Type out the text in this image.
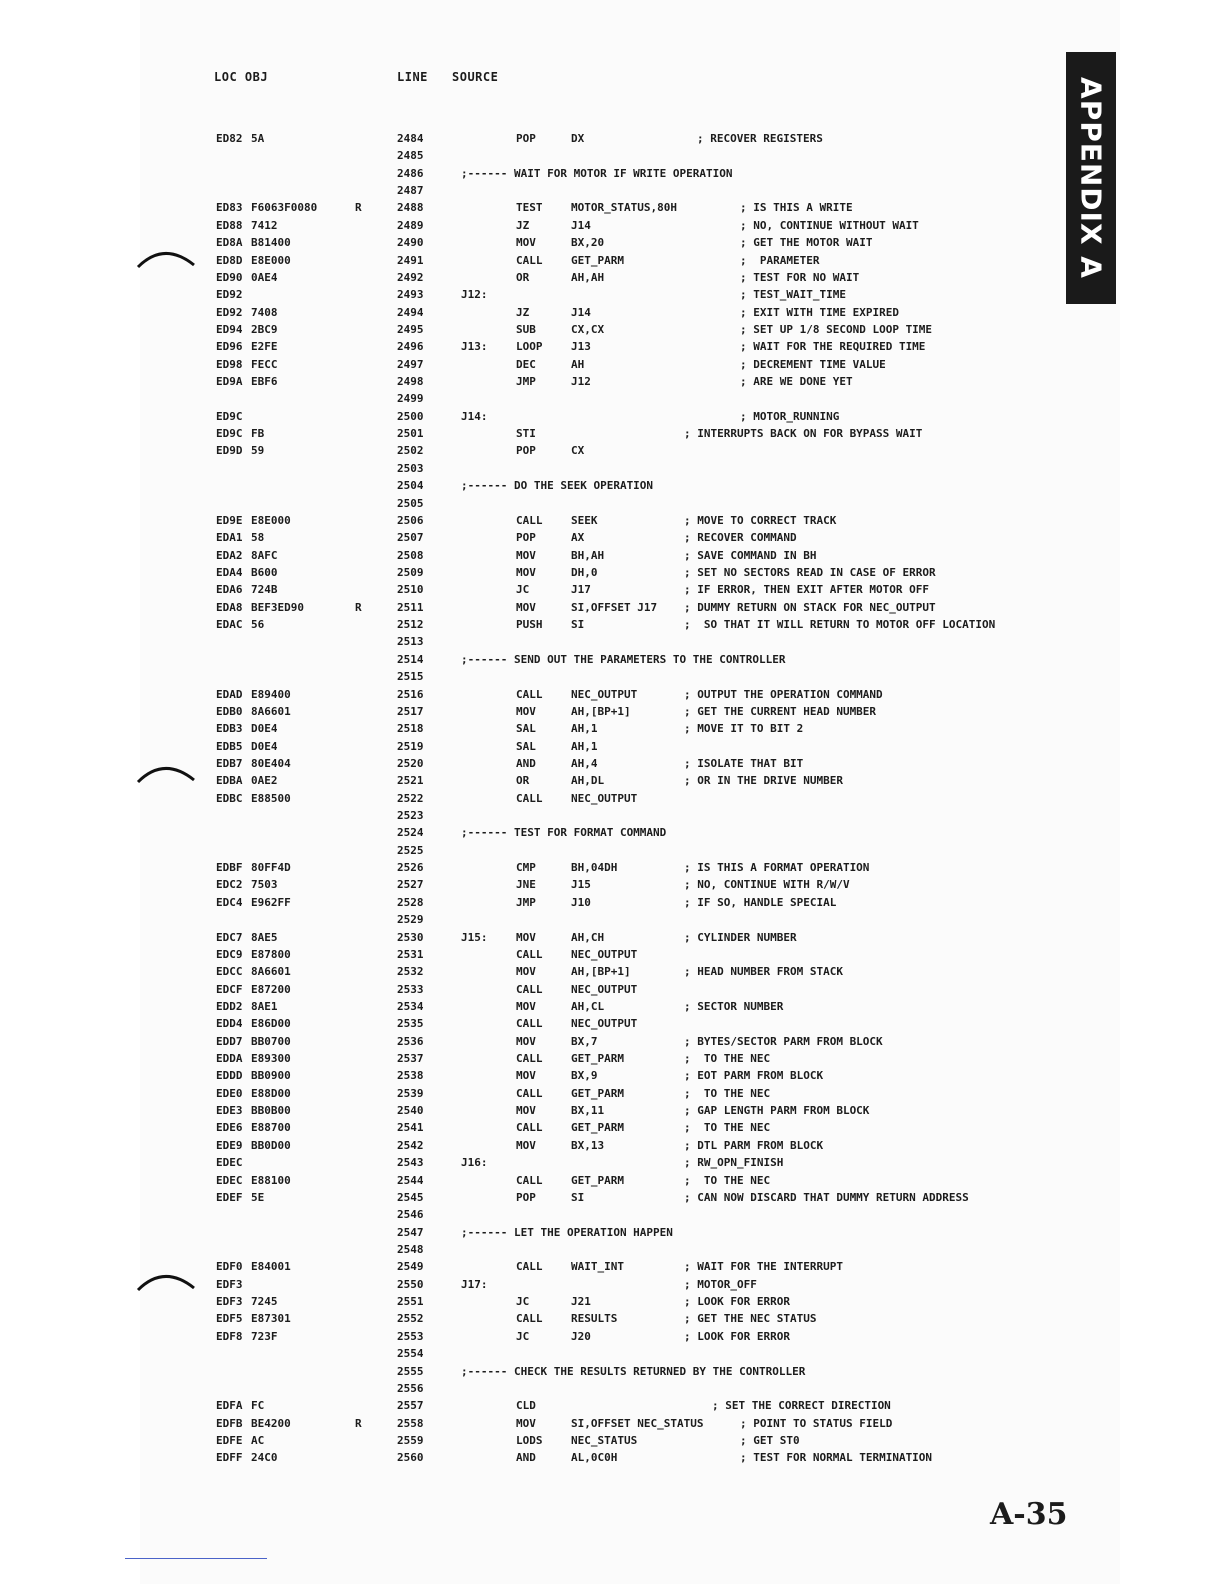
LOC OBJ	LINE SOURCE
APPENDIX A
ED82 5A	2484	POP	DX	; RECOVER REGISTERS
2485
2486	;------ WAIT FOR MOTOR IF WRITE OPERATION
2487
ED83 F6063F0080	R	2488	TEST	MOTOR_STATUS,80H	; IS THIS A WRITE
ED88 7412	2489	JZ	J14	; NO, CONTINUE WITHOUT WAIT
ED8A B81400	2490	MOV	BX,20	; GET THE MOTOR WAIT
ED8D E8E000	2491	CALL	GET_PARM	;  PARAMETER
ED90 0AE4	2492	OR	AH,AH	; TEST FOR NO WAIT
ED92	2493	J12:	; TEST_WAIT_TIME
ED92 7408	2494	JZ	J14	; EXIT WITH TIME EXPIRED
ED94 2BC9	2495	SUB	CX,CX	; SET UP 1/8 SECOND LOOP TIME
ED96 E2FE	2496	J13:	LOOP	J13	; WAIT FOR THE REQUIRED TIME
ED98 FECC	2497	DEC	AH	; DECREMENT TIME VALUE
ED9A EBF6	2498	JMP	J12	; ARE WE DONE YET
2499
ED9C	2500	J14:	; MOTOR_RUNNING
ED9C FB	2501	STI	; INTERRUPTS BACK ON FOR BYPASS WAIT
ED9D 59	2502	POP	CX
2503
2504	;------ DO THE SEEK OPERATION
2505
ED9E E8E000	2506	CALL	SEEK	; MOVE TO CORRECT TRACK
EDA1 58	2507	POP	AX	; RECOVER COMMAND
EDA2 8AFC	2508	MOV	BH,AH	; SAVE COMMAND IN BH
EDA4 B600	2509	MOV	DH,0	; SET NO SECTORS READ IN CASE OF ERROR
EDA6 724B	2510	JC	J17	; IF ERROR, THEN EXIT AFTER MOTOR OFF
EDA8 BEF3ED90	R	2511	MOV	SI,OFFSET J17 ; DUMMY RETURN ON STACK FOR NEC_OUTPUT
EDAC 56	2512	PUSH	SI	;  SO THAT IT WILL RETURN TO MOTOR OFF LOCATION
2513
2514	;------ SEND OUT THE PARAMETERS TO THE CONTROLLER
2515
EDAD E89400	2516	CALL	NEC_OUTPUT	; OUTPUT THE OPERATION COMMAND
EDB0 8A6601	2517	MOV	AH,[BP+1]	; GET THE CURRENT HEAD NUMBER
EDB3 D0E4	2518	SAL	AH,1	; MOVE IT TO BIT 2
EDB5 D0E4	2519	SAL	AH,1
EDB7 80E404	2520	AND	AH,4	; ISOLATE THAT BIT
EDBA 0AE2	2521	OR	AH,DL	; OR IN THE DRIVE NUMBER
EDBC E88500	2522	CALL	NEC_OUTPUT
2523
2524	;------ TEST FOR FORMAT COMMAND
2525
EDBF 80FF4D	2526	CMP	BH,04DH	; IS THIS A FORMAT OPERATION
EDC2 7503	2527	JNE	J15	; NO, CONTINUE WITH R/W/V
EDC4 E962FF	2528	JMP	J10	; IF SO, HANDLE SPECIAL
2529
EDC7 8AE5	2530	J15:	MOV	AH,CH	; CYLINDER NUMBER
EDC9 E87800	2531	CALL	NEC_OUTPUT
EDCC 8A6601	2532	MOV	AH,[BP+1]	; HEAD NUMBER FROM STACK
EDCF E87200	2533	CALL	NEC_OUTPUT
EDD2 8AE1	2534	MOV	AH,CL	; SECTOR NUMBER
EDD4 E86D00	2535	CALL	NEC_OUTPUT
EDD7 BB0700	2536	MOV	BX,7	; BYTES/SECTOR PARM FROM BLOCK
EDDA E89300	2537	CALL	GET_PARM	;  TO THE NEC
EDDD BB0900	2538	MOV	BX,9	; EOT PARM FROM BLOCK
EDE0 E88D00	2539	CALL	GET_PARM	;  TO THE NEC
EDE3 BB0B00	2540	MOV	BX,11	; GAP LENGTH PARM FROM BLOCK
EDE6 E88700	2541	CALL	GET_PARM	;  TO THE NEC
EDE9 BB0D00	2542	MOV	BX,13	; DTL PARM FROM BLOCK
EDEC	2543	J16:	; RW_OPN_FINISH
EDEC E88100	2544	CALL	GET_PARM	;  TO THE NEC
EDEF 5E	2545	POP	SI	; CAN NOW DISCARD THAT DUMMY RETURN ADDRESS
2546
2547	;------ LET THE OPERATION HAPPEN
2548
EDF0 E84001	2549	CALL	WAIT_INT	; WAIT FOR THE INTERRUPT
EDF3	2550	J17:	; MOTOR_OFF
EDF3 7245	2551	JC	J21	; LOOK FOR ERROR
EDF5 E87301	2552	CALL	RESULTS	; GET THE NEC STATUS
EDF8 723F	2553	JC	J20	; LOOK FOR ERROR
2554
2555	;------ CHECK THE RESULTS RETURNED BY THE CONTROLLER
2556
EDFA FC	2557	CLD	; SET THE CORRECT DIRECTION
EDFB BE4200	R	2558	MOV	SI,OFFSET NEC_STATUS	; POINT TO STATUS FIELD
EDFE AC	2559	LODS	NEC_STATUS	; GET ST0
EDFF 24C0	2560	AND	AL,0C0H	; TEST FOR NORMAL TERMINATION
A-35
